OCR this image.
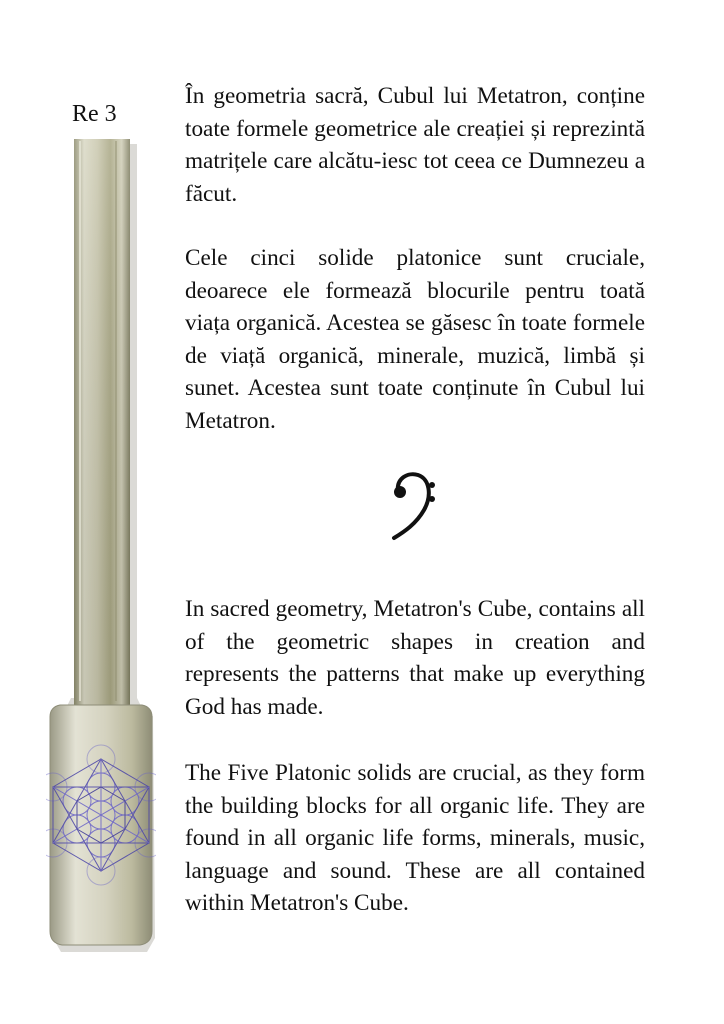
Re 3

În geometria sacră, Cubul lui Metatron, conține toate formele geometrice ale creației și reprezintă matrițele care alcătu-iesc tot ceea ce Dumnezeu a făcut.

Cele cinci solide platonice sunt cruciale, deoarece ele formează blocurile pentru toată viața organică. Acestea se găsesc în toate formele de viață organică, minerale, muzică, limbă și sunet. Acestea sunt toate conținute în Cubul lui Metatron.

In sacred geometry, Metatron's Cube, contains all of the geometric shapes in creation and represents the patterns that make up everything God has made.

The Five Platonic solids are crucial, as they form the building blocks for all organic life. They are found in all organic life forms, minerals, music, language and sound. These are all contained within Metatron's Cube.
